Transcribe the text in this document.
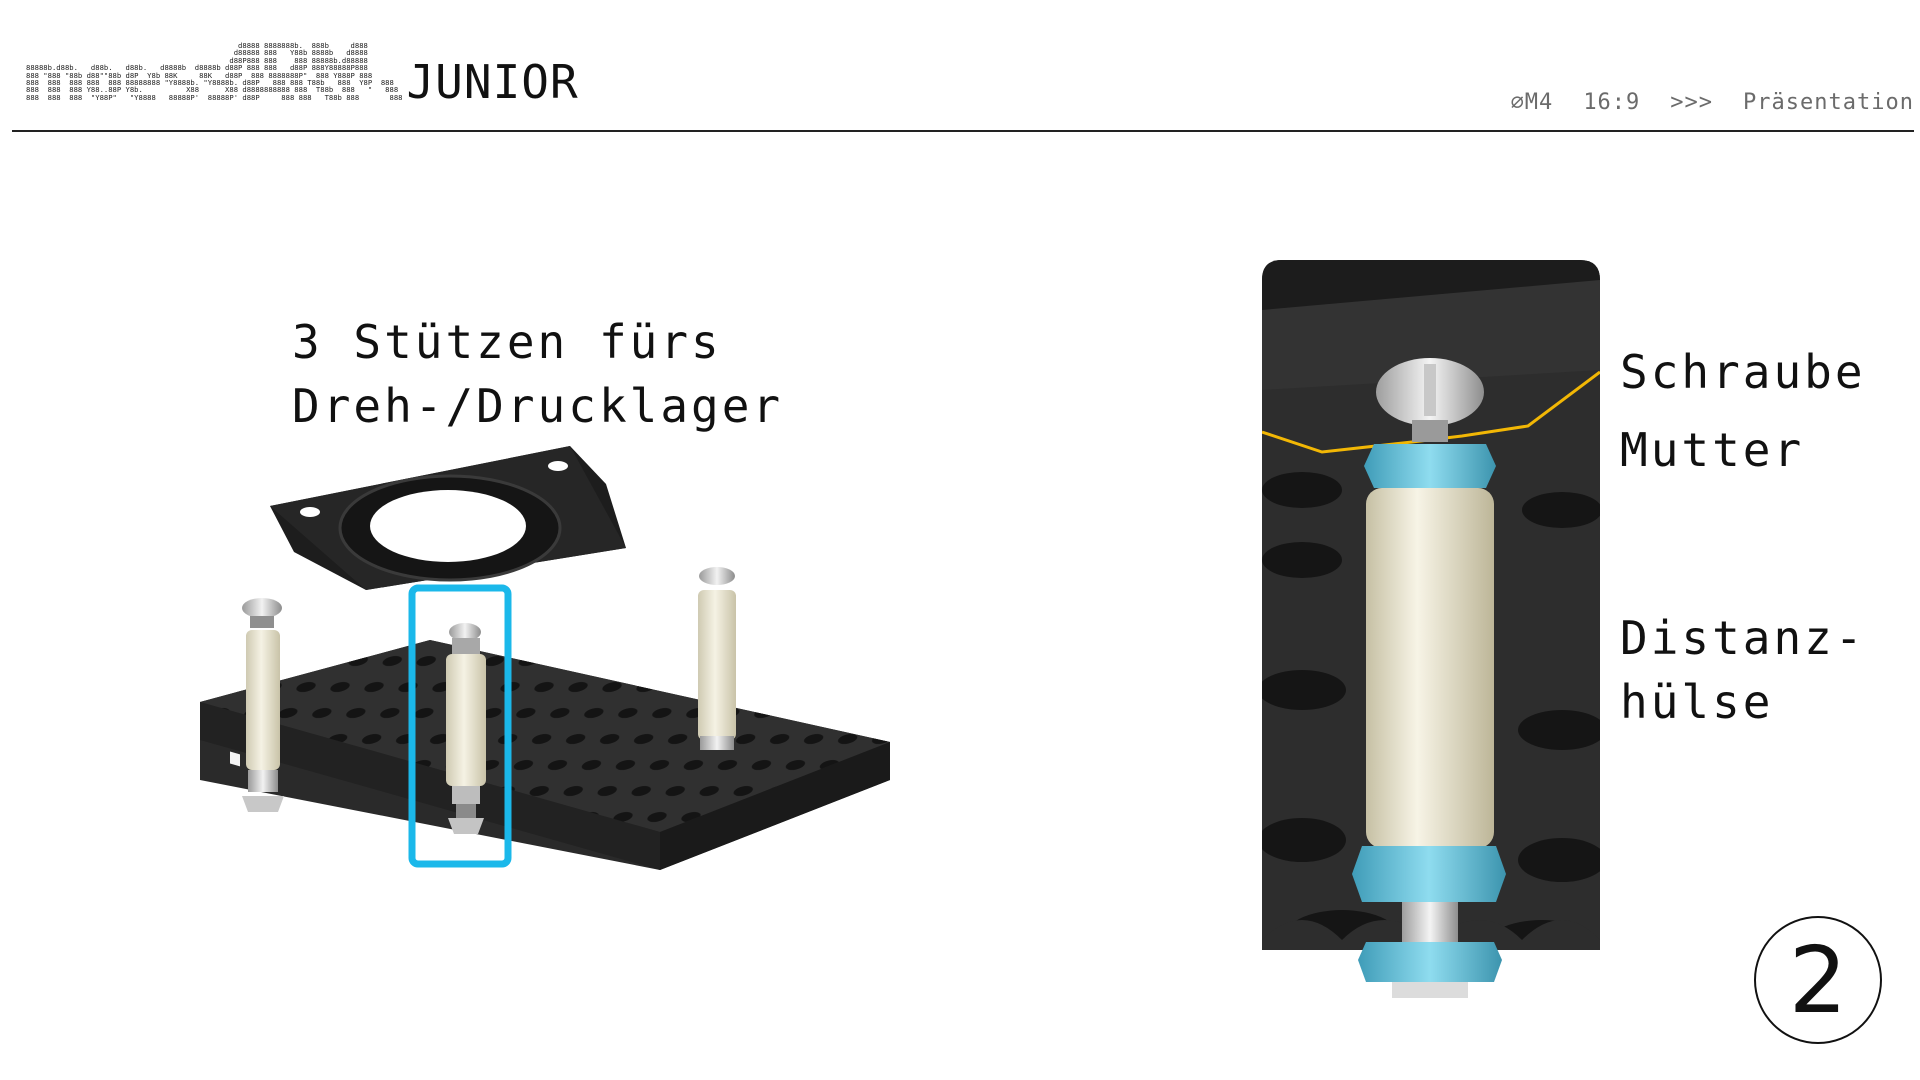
d8888 8888888b.  888b     d888
d88888 888   Y88b 8888b   d8888
d88P888 888    888 88888b.d88888
88888b.d88b.   d88b.   d88b.   d8888b  d8888b d88P 888 888   d88P 888Y88888P888
888 "888 "88b d88""88b d8P  Y8b 88K     88K   d88P  888 8888888P"  888 Y888P 888
888  888  888 888  888 88888888 "Y8888b. "Y8888b. d88P   888 888 T88b   888  Y8P  888
888  888  888 Y88..88P Y8b.          X88      X88 d8888888888 888  T88b  888   "   888
888  888  888  "Y88P"   "Y8888   88888P'  88888P' d88P     888 888   T88b 888       888 JUNIOR	⌀M4 16:9 >>> Präsentation
3 Stützen fürs
Dreh-/Drucklager
Schraube
Mutter
Distanz-
hülse
2
